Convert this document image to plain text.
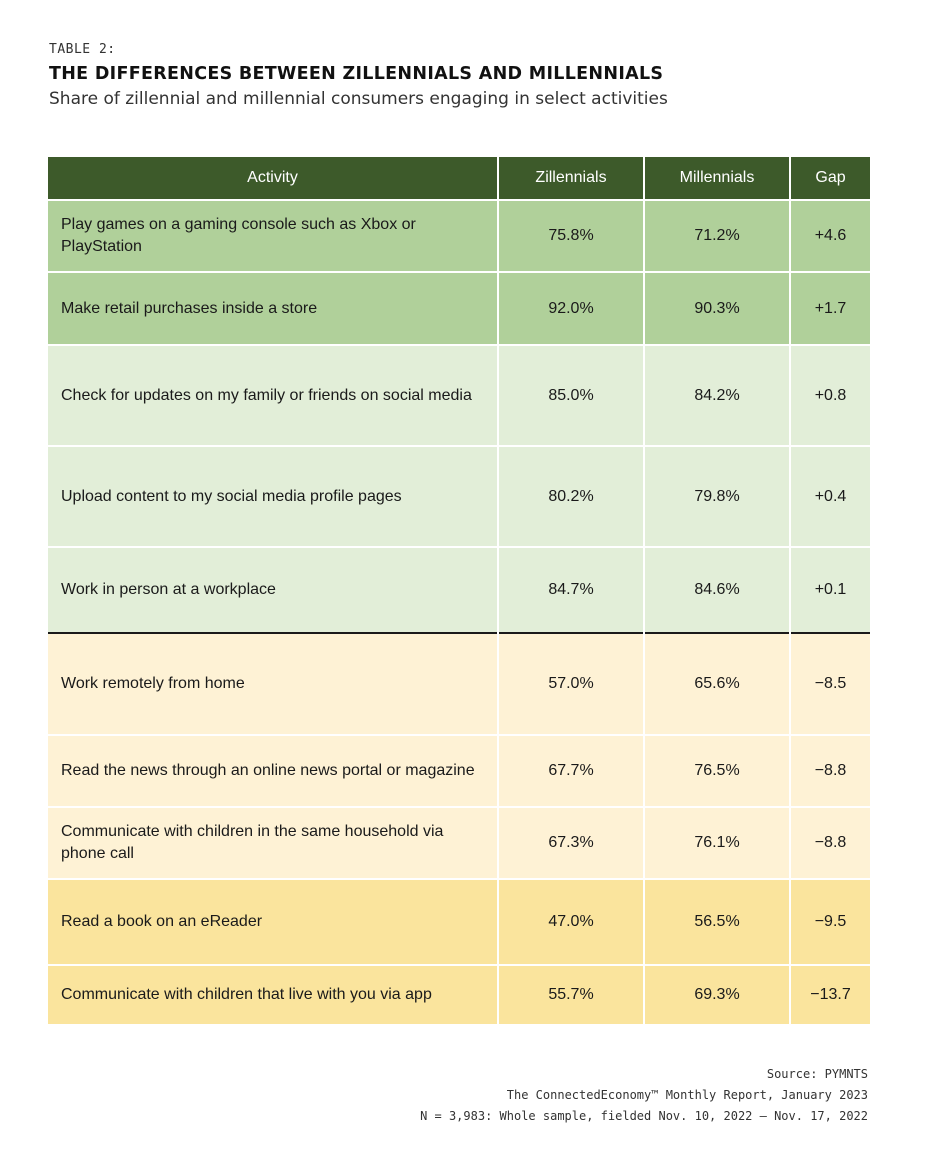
TABLE 2:
THE DIFFERENCES BETWEEN ZILLENNIALS AND MILLENNIALS
Share of zillennial and millennial consumers engaging in select activities
Activity	Zillennials	Millennials	Gap
Play games on a gaming console such as Xbox or PlayStation	75.8%	71.2%	+4.6
Make retail purchases inside a store	92.0%	90.3%	+1.7
Check for updates on my family or friends on social media	85.0%	84.2%	+0.8
Upload content to my social media profile pages	80.2%	79.8%	+0.4
Work in person at a workplace	84.7%	84.6%	+0.1
Work remotely from home	57.0%	65.6%	−8.5
Read the news through an online news portal or magazine	67.7%	76.5%	−8.8
Communicate with children in the same household via phone call	67.3%	76.1%	−8.8
Read a book on an eReader	47.0%	56.5%	−9.5
Communicate with children that live with you via app	55.7%	69.3%	−13.7
Source: PYMNTS
The ConnectedEconomy™ Monthly Report, January 2023
N = 3,983: Whole sample, fielded Nov. 10, 2022 – Nov. 17, 2022
